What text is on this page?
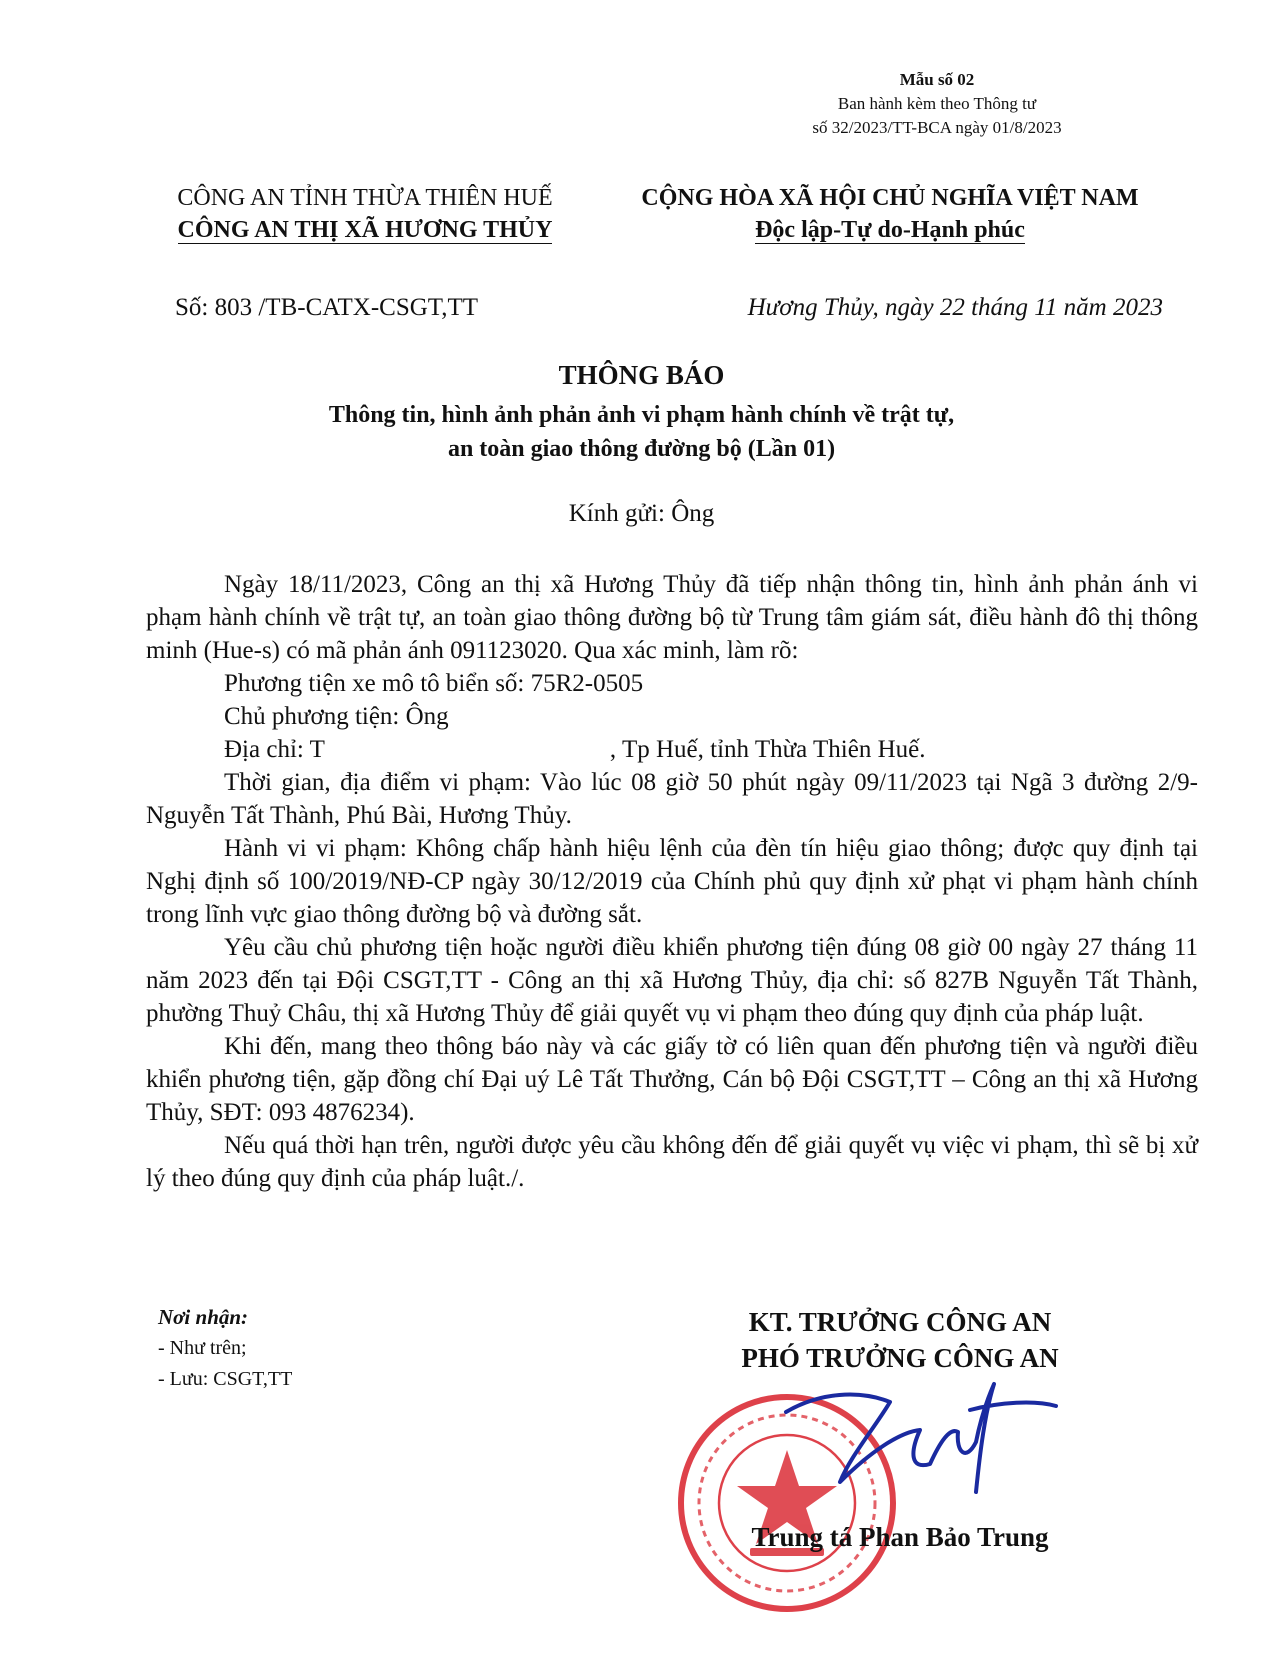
Mẫu số 02
Ban hành kèm theo Thông tư
số 32/2023/TT-BCA ngày 01/8/2023
CÔNG AN TỈNH THỪA THIÊN HUẾ
CÔNG AN THỊ XÃ HƯƠNG THỦY
CỘNG HÒA XÃ HỘI CHỦ NGHĨA VIỆT NAM
Độc lập-Tự do-Hạnh phúc
Số: 803 /TB-CATX-CSGT,TT	Hương Thủy, ngày 22 tháng 11 năm 2023
THÔNG BÁO
Thông tin, hình ảnh phản ảnh vi phạm hành chính về trật tự,
an toàn giao thông đường bộ (Lần 01)
Kính gửi: Ông

Ngày 18/11/2023, Công an thị xã Hương Thủy đã tiếp nhận thông tin, hình ảnh phản ánh vi phạm hành chính về trật tự, an toàn giao thông đường bộ từ Trung tâm giám sát, điều hành đô thị thông minh (Hue-s) có mã phản ánh 091123020. Qua xác minh, làm rõ:

Phương tiện xe mô tô biển số: 75R2-0505

Chủ phương tiện: Ông

Địa chỉ: T	, Tp Huế, tỉnh Thừa Thiên Huế.

Thời gian, địa điểm vi phạm: Vào lúc 08 giờ 50 phút ngày 09/11/2023 tại Ngã 3 đường 2/9- Nguyễn Tất Thành, Phú Bài, Hương Thủy.

Hành vi vi phạm: Không chấp hành hiệu lệnh của đèn tín hiệu giao thông; được quy định tại Nghị định số 100/2019/NĐ-CP ngày 30/12/2019 của Chính phủ quy định xử phạt vi phạm hành chính trong lĩnh vực giao thông đường bộ và đường sắt.

Yêu cầu chủ phương tiện hoặc người điều khiển phương tiện đúng 08 giờ 00 ngày 27 tháng 11 năm 2023 đến tại Đội CSGT,TT - Công an thị xã Hương Thủy, địa chỉ: số 827B Nguyễn Tất Thành, phường Thuỷ Châu, thị xã Hương Thủy để giải quyết vụ vi phạm theo đúng quy định của pháp luật.

Khi đến, mang theo thông báo này và các giấy tờ có liên quan đến phương tiện và người điều khiển phương tiện, gặp đồng chí Đại uý Lê Tất Thưởng, Cán bộ Đội CSGT,TT – Công an thị xã Hương Thủy, SĐT: 093 4876234).

Nếu quá thời hạn trên, người được yêu cầu không đến để giải quyết vụ việc vi phạm, thì sẽ bị xử lý theo đúng quy định của pháp luật./.

Nơi nhận:
- Như trên;
- Lưu: CSGT,TT
KT. TRƯỞNG CÔNG AN
PHÓ TRƯỞNG CÔNG AN
Trung tá Phan Bảo Trung
